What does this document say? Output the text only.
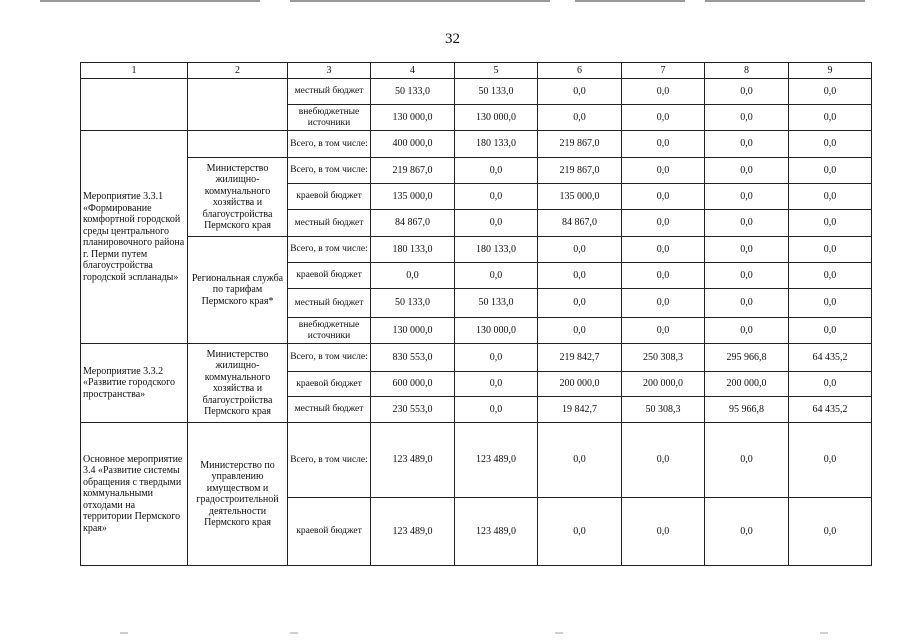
32
1	2	3	4	5	6	7	8	9
		местный бюджет	50 133,0	50 133,0	0,0	0,0	0,0	0,0
		внебюджетные источники	130 000,0	130 000,0	0,0	0,0	0,0	0,0
Мероприятие 3.3.1 «Формирование комфортной городской среды центрального планировочного района г. Перми путем благоустройства городской эспланады»		Всего, в том числе:	400 000,0	180 133,0	219 867,0	0,0	0,0	0,0
	Министерство жилищно-коммунального хозяйства и благоустройства Пермского края	Всего, в том числе:	219 867,0	0,0	219 867,0	0,0	0,0	0,0
		краевой бюджет	135 000,0	0,0	135 000,0	0,0	0,0	0,0
		местный бюджет	84 867,0	0,0	84 867,0	0,0	0,0	0,0
	Региональная служба по тарифам Пермского края*	Всего, в том числе:	180 133,0	180 133,0	0,0	0,0	0,0	0,0
		краевой бюджет	0,0	0,0	0,0	0,0	0,0	0,0
		местный бюджет	50 133,0	50 133,0	0,0	0,0	0,0	0,0
		внебюджетные источники	130 000,0	130 000,0	0,0	0,0	0,0	0,0
Мероприятие 3.3.2 «Развитие городского пространства»	Министерство жилищно-коммунального хозяйства и благоустройства Пермского края	Всего, в том числе:	830 553,0	0,0	219 842,7	250 308,3	295 966,8	64 435,2
		краевой бюджет	600 000,0	0,0	200 000,0	200 000,0	200 000,0	0,0
		местный бюджет	230 553,0	0,0	19 842,7	50 308,3	95 966,8	64 435,2
Основное мероприятие 3.4 «Развитие системы обращения с твердыми коммунальными отходами на территории Пермского края»	Министерство по управлению имуществом и градостроительной деятельности Пермского края	Всего, в том числе:	123 489,0	123 489,0	0,0	0,0	0,0	0,0
		краевой бюджет	123 489,0	123 489,0	0,0	0,0	0,0	0,0
